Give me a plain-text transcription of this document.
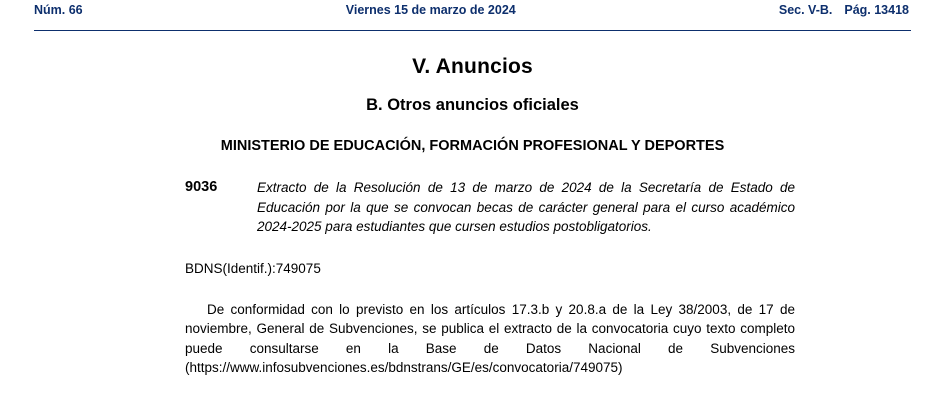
Núm. 66	Viernes 15 de marzo de 2024	Sec. V-B. Pág. 13418
V. Anuncios
B. Otros anuncios oficiales
MINISTERIO DE EDUCACIÓN, FORMACIÓN PROFESIONAL Y DEPORTES
9036	Extracto de la Resolución de 13 de marzo de 2024 de la Secretaría de Estado de Educación por la que se convocan becas de carácter general para el curso académico 2024-2025 para estudiantes que cursen estudios postobligatorios.
BDNS(Identif.):749075
De conformidad con lo previsto en los artículos 17.3.b y 20.8.a de la Ley 38/2003, de 17 de noviembre, General de Subvenciones, se publica el extracto de la convocatoria cuyo texto completo puede consultarse en la Base de Datos Nacional de Subvenciones (https://www.infosubvenciones.es/bdnstrans/GE/es/convocatoria/749075)
